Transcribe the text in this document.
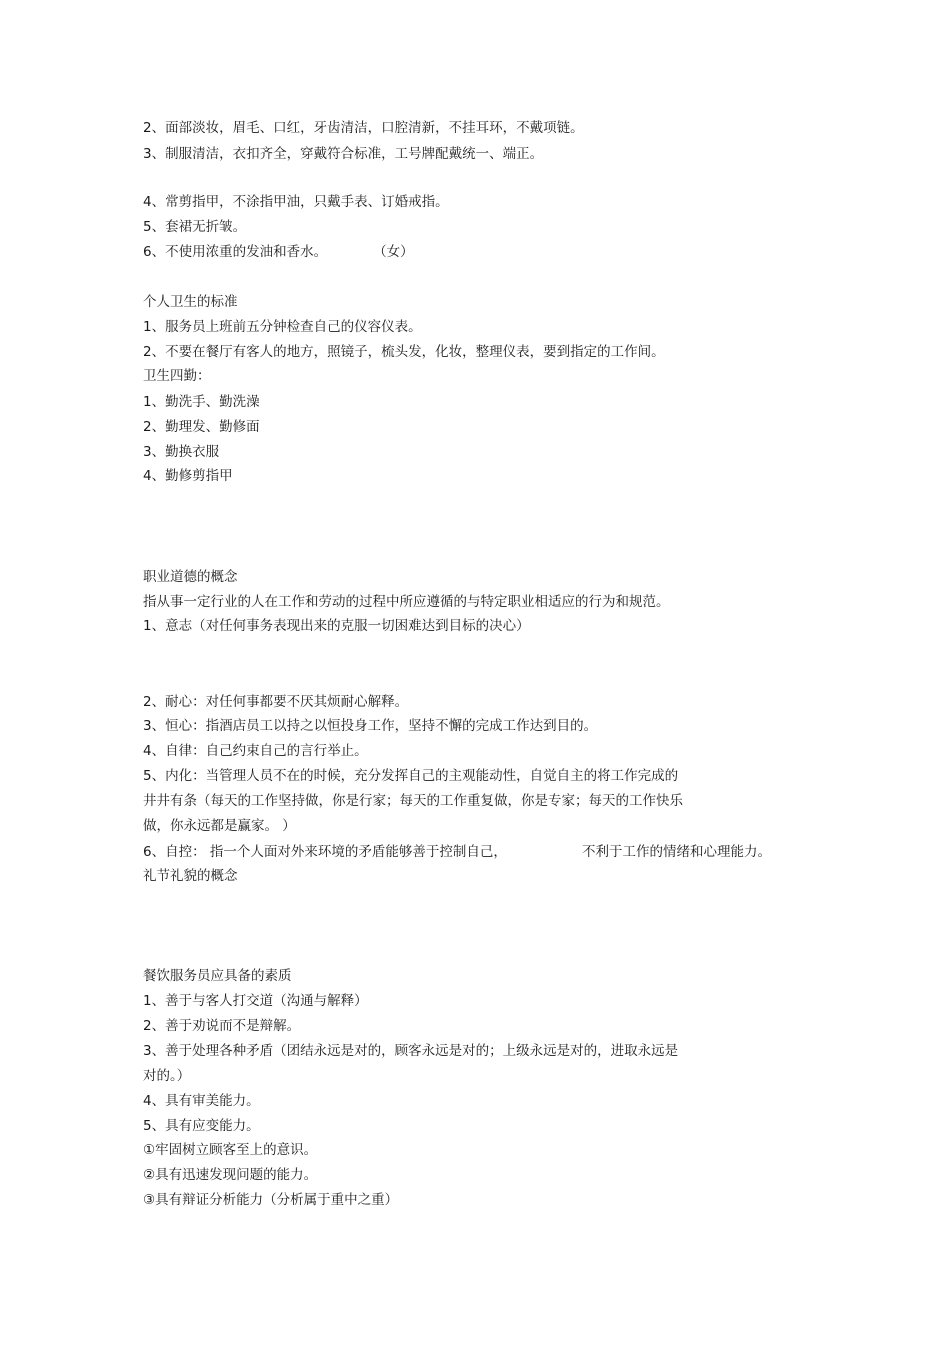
2、面部淡妆，眉毛、口红，牙齿清洁，口腔清新，不挂耳环，不戴项链。
3、制服清洁，衣扣齐全，穿戴符合标准，工号牌配戴统一、端正。
4、常剪指甲，不涂指甲油，只戴手表、订婚戒指。
5、套裙无折皱。
6、不使用浓重的发油和香水。	（女）
个人卫生的标准
1、服务员上班前五分钟检查自己的仪容仪表。
2、不要在餐厅有客人的地方，照镜子，梳头发，化妆，整理仪表，要到指定的工作间。
卫生四勤：
1、勤洗手、勤洗澡
2、勤理发、勤修面
3、勤换衣服
4、勤修剪指甲
职业道德的概念
指从事一定行业的人在工作和劳动的过程中所应遵循的与特定职业相适应的行为和规范。
1、意志（对任何事务表现出来的克服一切困难达到目标的决心）
2、耐心：对任何事都要不厌其烦耐心解释。
3、恒心：指酒店员工以持之以恒投身工作，坚持不懈的完成工作达到目的。
4、自律：自己约束自己的言行举止。
5、内化：当管理人员不在的时候，充分发挥自己的主观能动性，自觉自主的将工作完成的
井井有条（每天的工作坚持做，你是行家；每天的工作重复做，你是专家；每天的工作快乐
做，你永远都是赢家。 ）
6、自控： 指一个人面对外来环境的矛盾能够善于控制自己，	不利于工作的情绪和心理能力。
礼节礼貌的概念
餐饮服务员应具备的素质
1、善于与客人打交道（沟通与解释）
2、善于劝说而不是辩解。
3、善于处理各种矛盾（团结永远是对的，顾客永远是对的；上级永远是对的，进取永远是
对的。）
4、具有审美能力。
5、具有应变能力。
①牢固树立顾客至上的意识。
②具有迅速发现问题的能力。
③具有辩证分析能力（分析属于重中之重）
